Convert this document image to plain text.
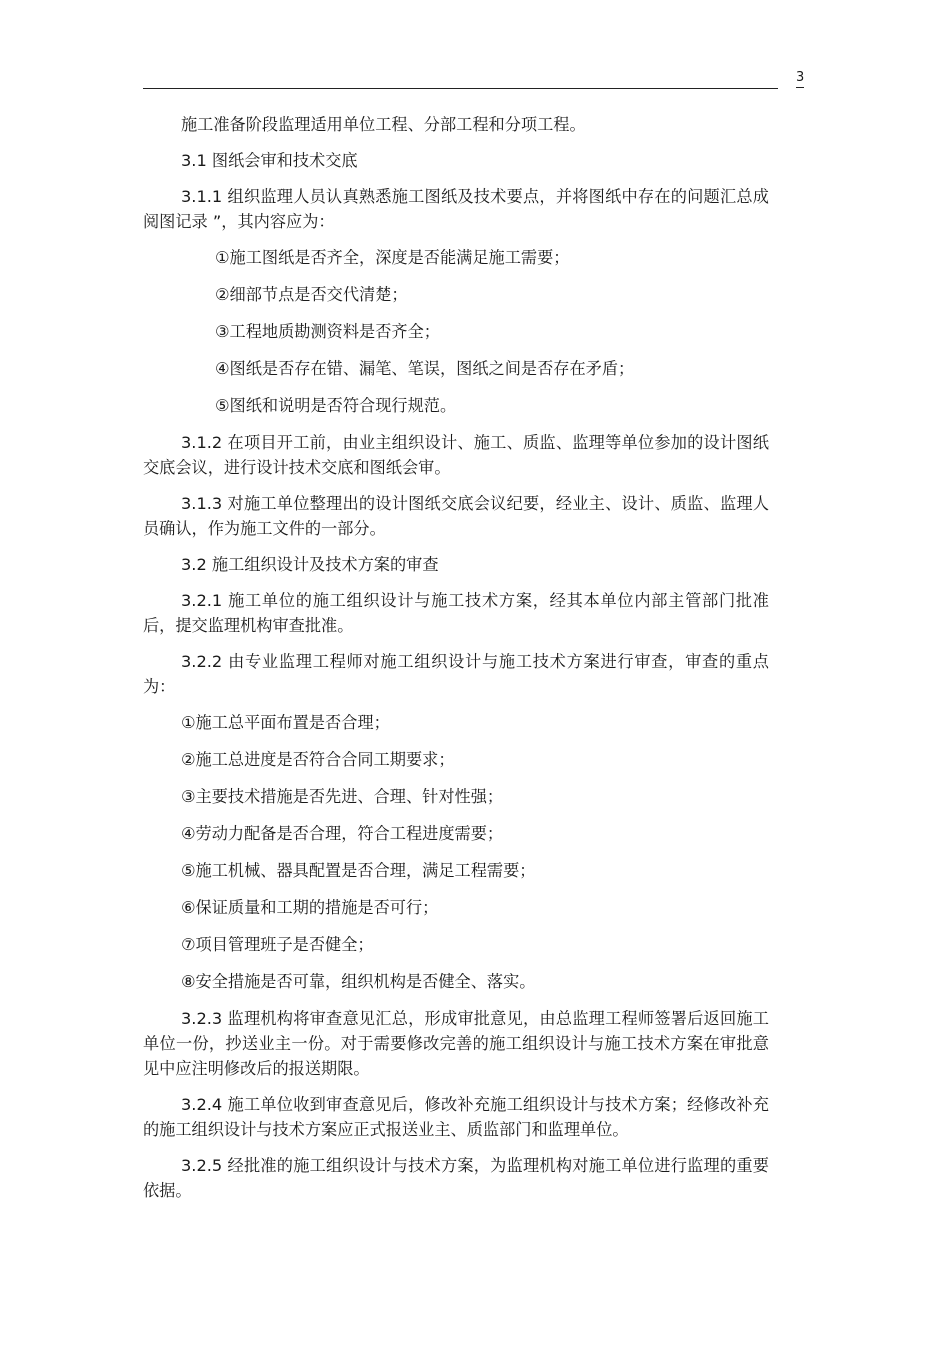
3

施工准备阶段监理适用单位工程、分部工程和分项工程。

3.1 图纸会审和技术交底

3.1.1 组织监理人员认真熟悉施工图纸及技术要点，并将图纸中存在的问题汇总成 阅图记录 ”，其内容应为：

①施工图纸是否齐全，深度是否能满足施工需要；

②细部节点是否交代清楚；

③工程地质勘测资料是否齐全；

④图纸是否存在错、漏笔、笔误，图纸之间是否存在矛盾；

⑤图纸和说明是否符合现行规范。

3.1.2 在项目开工前，由业主组织设计、施工、质监、监理等单位参加的设计图纸交底会议，进行设计技术交底和图纸会审。

3.1.3 对施工单位整理出的设计图纸交底会议纪要，经业主、设计、质监、监理人员确认，作为施工文件的一部分。

3.2 施工组织设计及技术方案的审查

3.2.1 施工单位的施工组织设计与施工技术方案，经其本单位内部主管部门批准后，提交监理机构审查批准。

3.2.2 由专业监理工程师对施工组织设计与施工技术方案进行审查，审查的重点为：

①施工总平面布置是否合理；

②施工总进度是否符合合同工期要求；

③主要技术措施是否先进、合理、针对性强；

④劳动力配备是否合理，符合工程进度需要；

⑤施工机械、器具配置是否合理，满足工程需要；

⑥保证质量和工期的措施是否可行；

⑦项目管理班子是否健全；

⑧安全措施是否可靠，组织机构是否健全、落实。

3.2.3 监理机构将审查意见汇总，形成审批意见，由总监理工程师签署后返回施工单位一份，抄送业主一份。对于需要修改完善的施工组织设计与施工技术方案在审批意见中应注明修改后的报送期限。

3.2.4 施工单位收到审查意见后，修改补充施工组织设计与技术方案；经修改补充的施工组织设计与技术方案应正式报送业主、质监部门和监理单位。

3.2.5 经批准的施工组织设计与技术方案，为监理机构对施工单位进行监理的重要依据。
